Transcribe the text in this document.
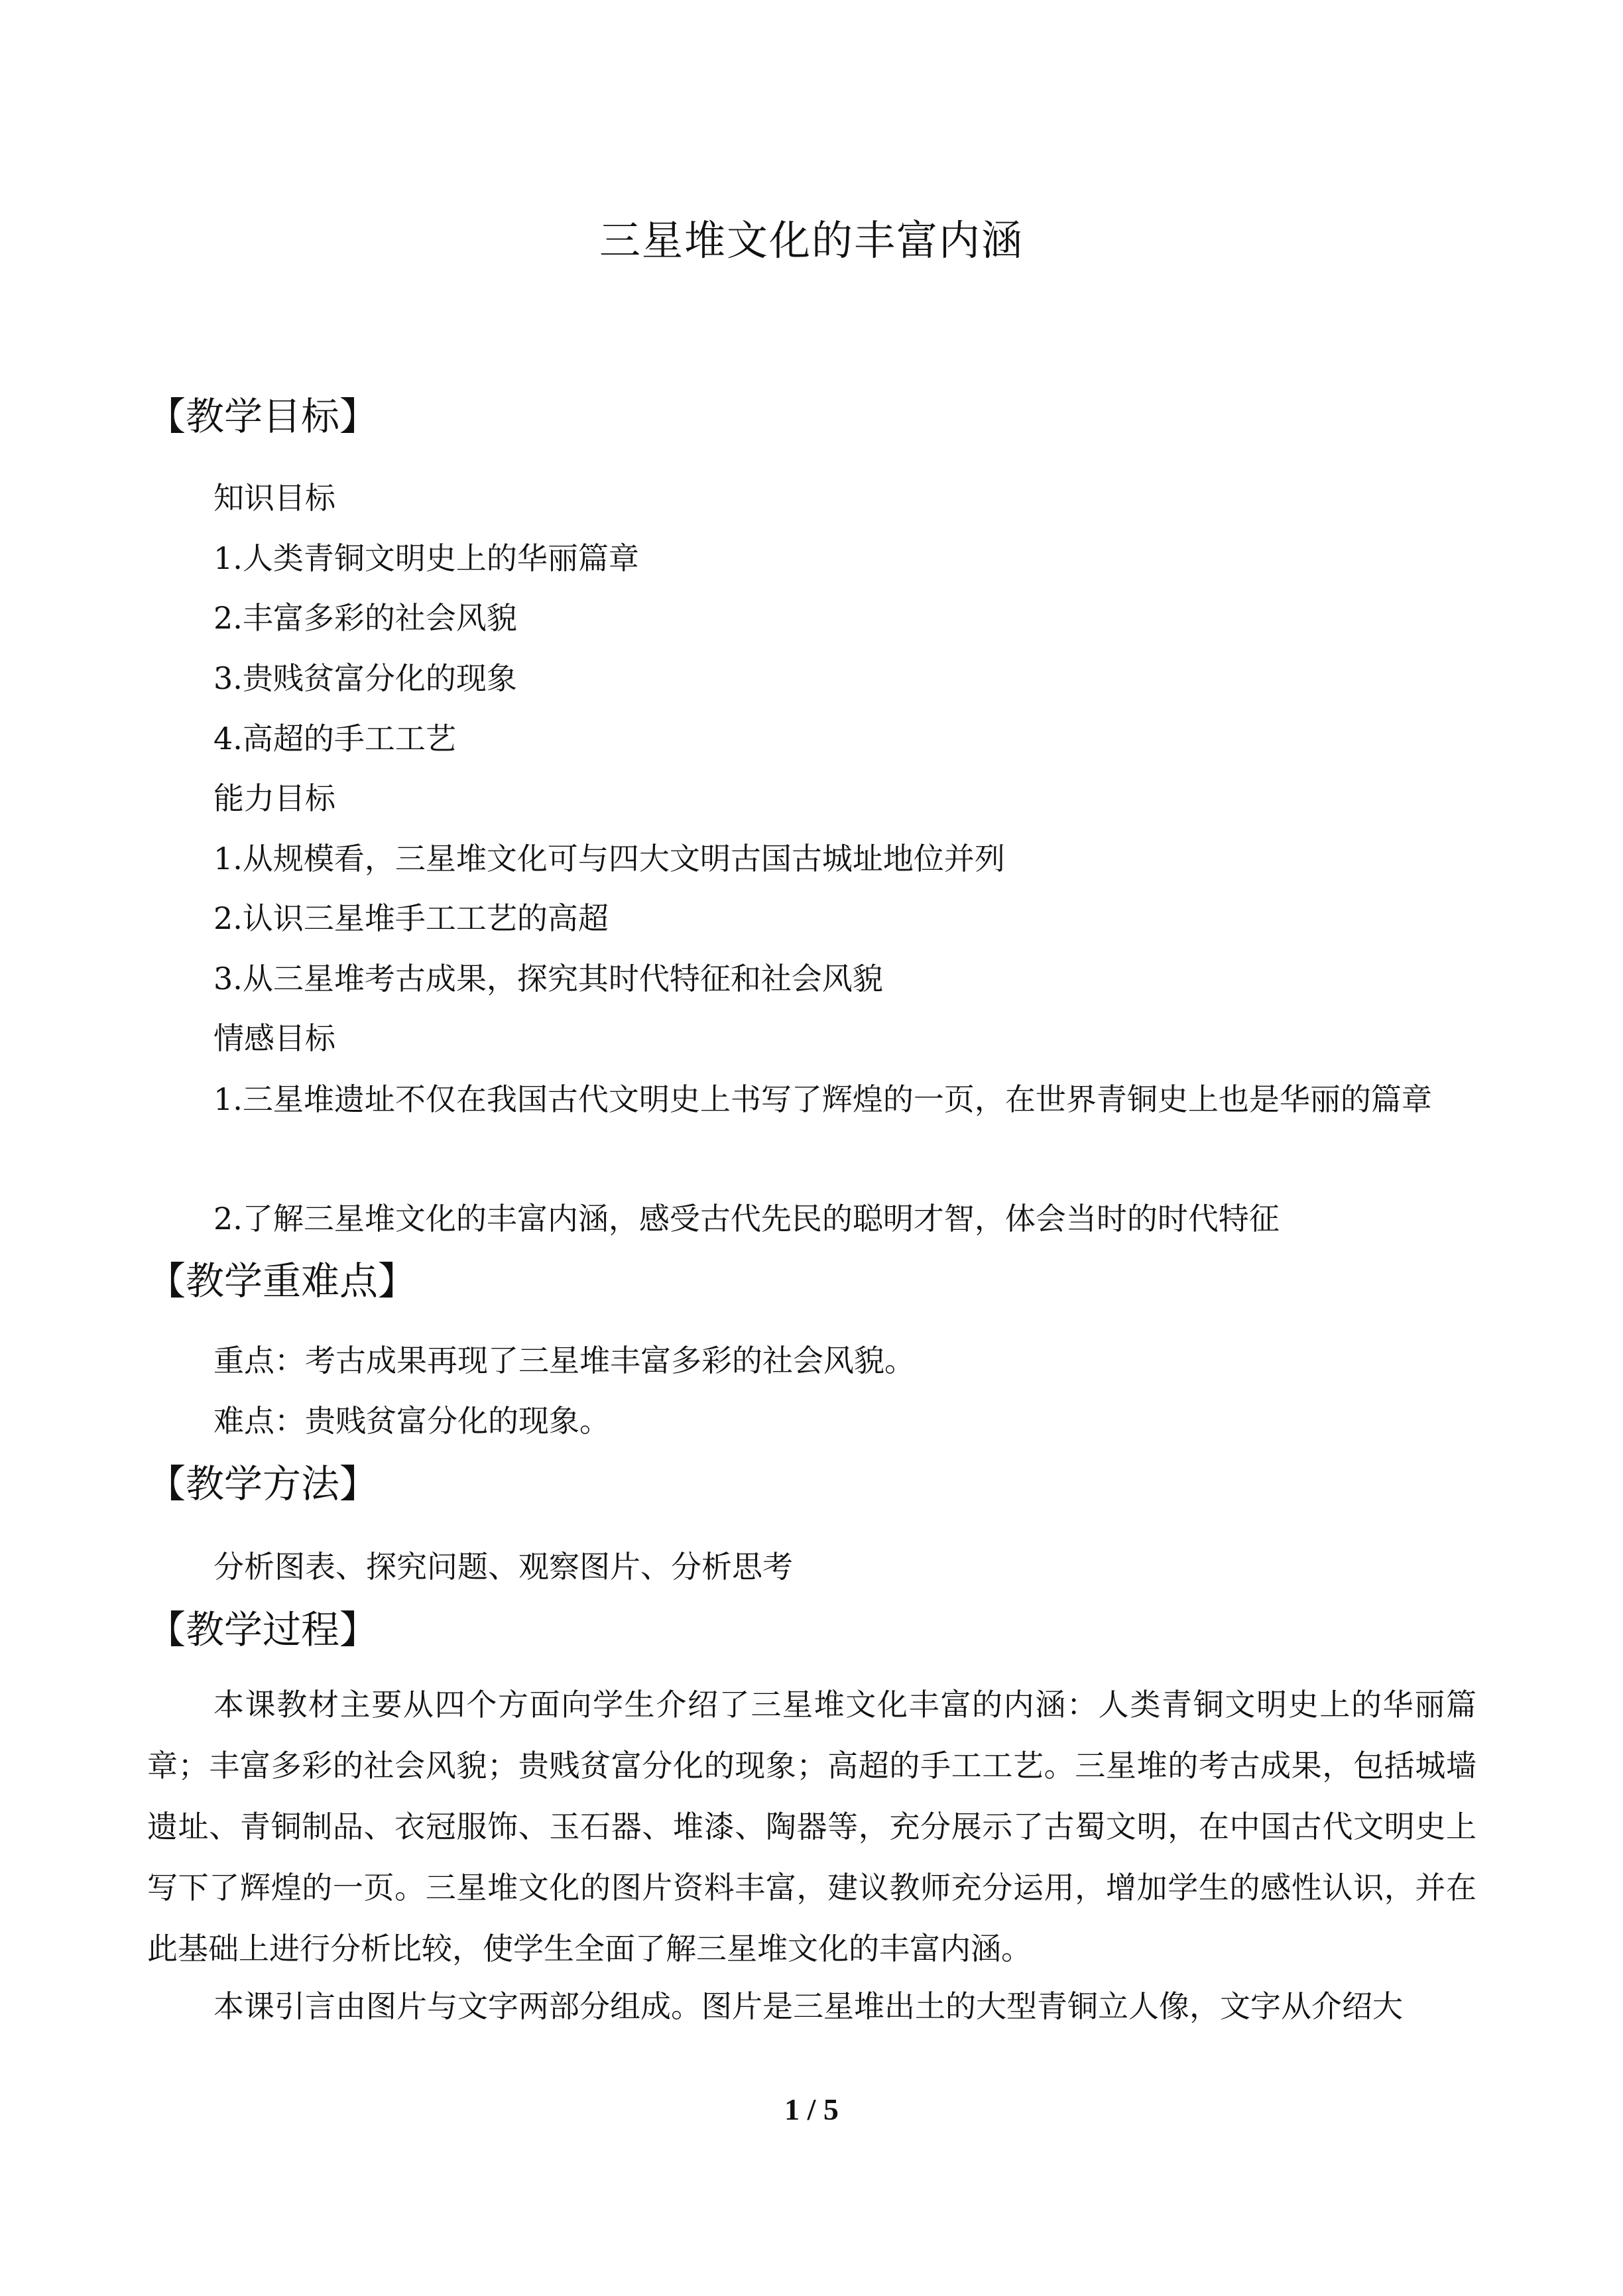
三星堆文化的丰富内涵
【教学目标】
知识目标
1.人类青铜文明史上的华丽篇章
2.丰富多彩的社会风貌
3.贵贱贫富分化的现象
4.高超的手工工艺
能力目标
1.从规模看，三星堆文化可与四大文明古国古城址地位并列
2.认识三星堆手工工艺的高超
3.从三星堆考古成果，探究其时代特征和社会风貌
情感目标
1.三星堆遗址不仅在我国古代文明史上书写了辉煌的一页，在世界青铜史上也是华丽的篇章
2.了解三星堆文化的丰富内涵，感受古代先民的聪明才智，体会当时的时代特征
【教学重难点】
重点：考古成果再现了三星堆丰富多彩的社会风貌。
难点：贵贱贫富分化的现象。
【教学方法】
分析图表、探究问题、观察图片、分析思考
【教学过程】
本课教材主要从四个方面向学生介绍了三星堆文化丰富的内涵：人类青铜文明史上的华丽篇章；丰富多彩的社会风貌；贵贱贫富分化的现象；高超的手工工艺。三星堆的考古成果，包括城墙遗址、青铜制品、衣冠服饰、玉石器、堆漆、陶器等，充分展示了古蜀文明，在中国古代文明史上写下了辉煌的一页。三星堆文化的图片资料丰富，建议教师充分运用，增加学生的感性认识，并在此基础上进行分析比较，使学生全面了解三星堆文化的丰富内涵。
本课引言由图片与文字两部分组成。图片是三星堆出土的大型青铜立人像，文字从介绍大
1 / 5
